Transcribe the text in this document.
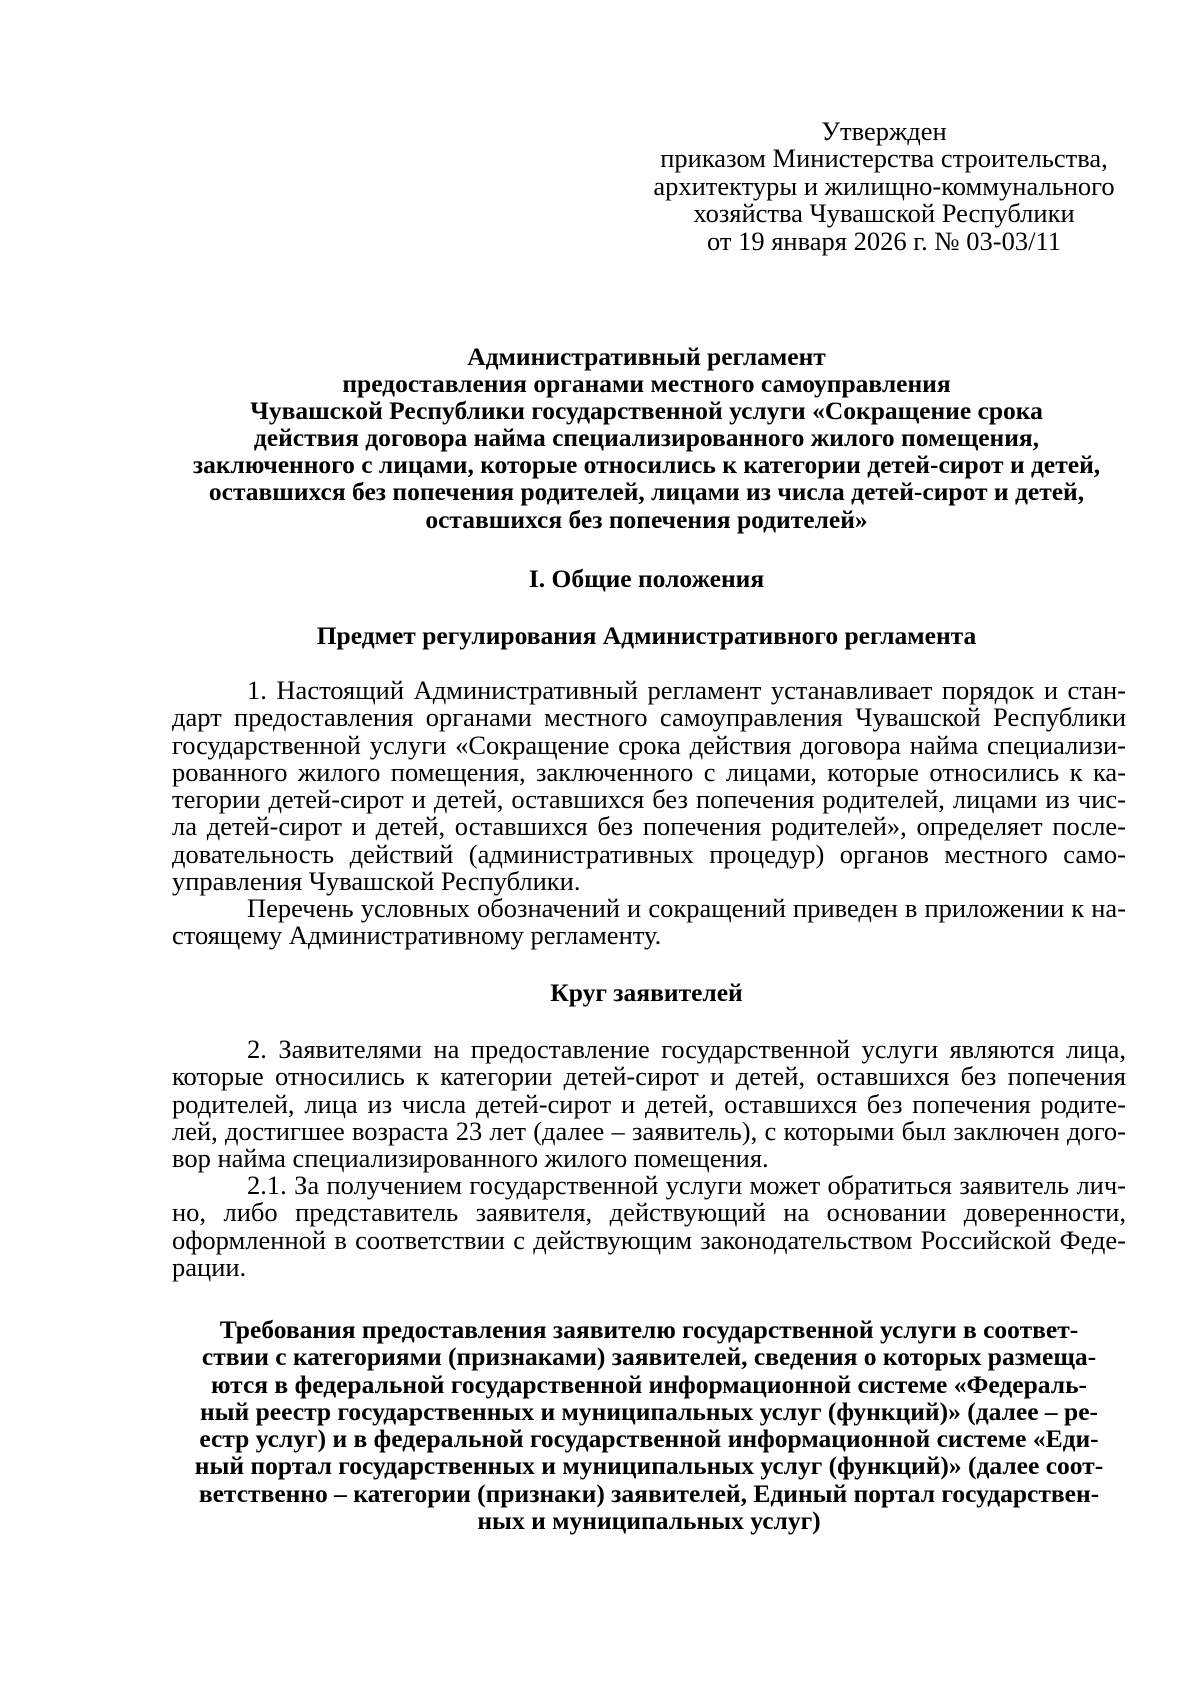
Утвержден
приказом Министерства строительства,
архитектуры и жилищно-коммунального
хозяйства Чувашской Республики
от 19 января 2026 г. № 03-03/11
Административный регламент
предоставления органами местного самоуправления
Чувашской Республики государственной услуги «Сокращение срока
действия договора найма специализированного жилого помещения,
заключенного с лицами, которые относились к категории детей-сирот и детей,
оставшихся без попечения родителей, лицами из числа детей-сирот и детей,
оставшихся без попечения родителей»
I. Общие положения
Предмет регулирования Административного регламента
1. Настоящий Административный регламент устанавливает порядок и стан-
дарт предоставления органами местного самоуправления Чувашской Республики
государственной услуги «Сокращение срока действия договора найма специализи-
рованного жилого помещения, заключенного с лицами, которые относились к ка-
тегории детей-сирот и детей, оставшихся без попечения родителей, лицами из чис-
ла детей-сирот и детей, оставшихся без попечения родителей», определяет после-
довательность действий (административных процедур) органов местного само-
управления Чувашской Республики.
Перечень условных обозначений и сокращений приведен в приложении к на-
стоящему Административному регламенту.
Круг заявителей
2. Заявителями на предоставление государственной услуги являются лица,
которые относились к категории детей-сирот и детей, оставшихся без попечения
родителей, лица из числа детей-сирот и детей, оставшихся без попечения родите-
лей, достигшее возраста 23 лет (далее – заявитель), с которыми был заключен дого-
вор найма специализированного жилого помещения.
2.1. За получением государственной услуги может обратиться заявитель лич-
но, либо представитель заявителя, действующий на основании доверенности,
оформленной в соответствии с действующим законодательством Российской Феде-
рации.
Требования предоставления заявителю государственной услуги в соответ-
ствии с категориями (признаками) заявителей, сведения о которых размеща-
ются в федеральной государственной информационной системе «Федераль-
ный реестр государственных и муниципальных услуг (функций)» (далее – ре-
естр услуг) и в федеральной государственной информационной системе «Еди-
ный портал государственных и муниципальных услуг (функций)» (далее соот-
ветственно – категории (признаки) заявителей, Единый портал государствен-
ных и муниципальных услуг)
